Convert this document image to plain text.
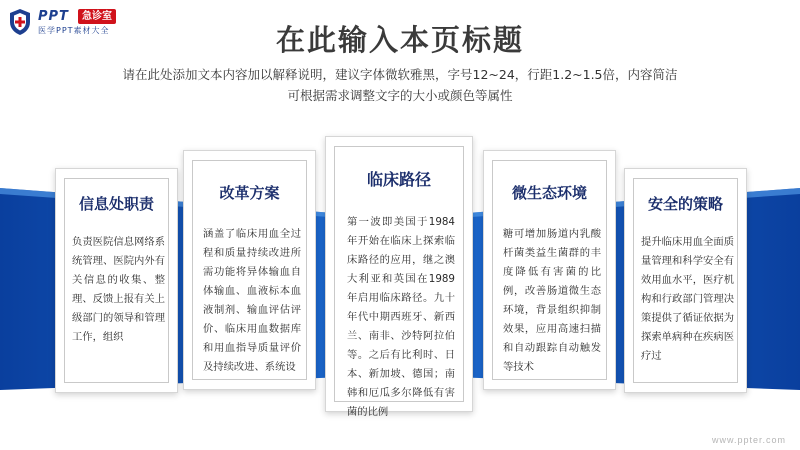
PPT	急诊室
医学PPT素材大全	在此输入本页标题
请在此处添加文本内容加以解释说明，建议字体微软雅黑，字号12~24，行距1.2~1.5倍，内容简洁
可根据需求调整文字的大小或颜色等属性
信息处职责
负责医院信息网络系统管理、医院内外有关信息的收集、整理、反馈上报有关上级部门的领导和管理工作，组织
改革方案
涵盖了临床用血全过程和质量持续改进所需功能将异体输血自体输血、血液标本血液制剂、输血评估评价、临床用血数据库和用血指导质量评价及持续改进、系统设
临床路径
第一波即美国于1984年开始在临床上探索临床路径的应用，继之澳大利亚和英国在1989年启用临床路径。九十年代中期西班牙、新西兰、南非、沙特阿拉伯等。之后有比利时、日本、新加坡、德国；南韩和厄瓜多尔降低有害菌的比例
微生态环境
糖可增加肠道内乳酸杆菌类益生菌群的丰度降低有害菌的比例，改善肠道微生态环境，背景组织抑制效果，应用高速扫描和自动跟踪自动触发等技术
安全的策略
提升临床用血全面质量管理和科学安全有效用血水平，医疗机构和行政部门管理决策提供了循证依据为探索单病种在疾病医疗过
www.ppter.com
